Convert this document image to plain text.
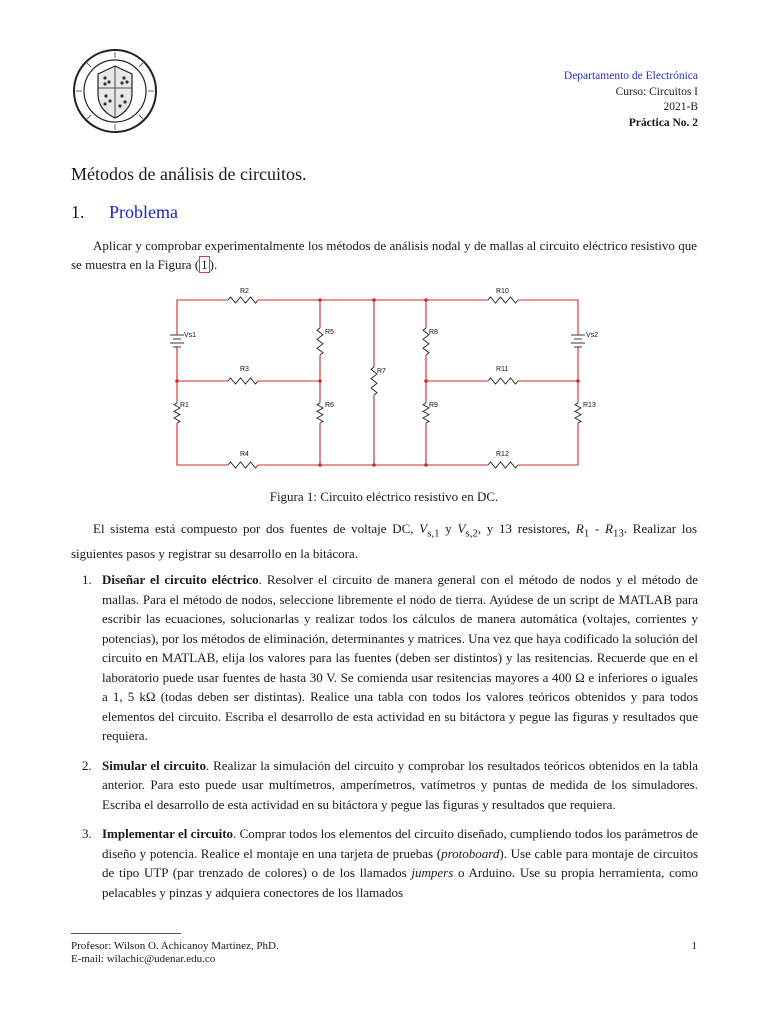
Departamento de Electrónica
Curso: Circuitos I
2021-B
Práctica No. 2
Métodos de análisis de circuitos.
1. Problema

Aplicar y comprobar experimentalmente los métodos de análisis nodal y de mallas al circuito eléctrico resistivo que se muestra en la Figura ( 1 ).

R2	R10
Vs1	R5	R8	Vs2
R7
R3	R11
R1	R6	R9	R13
R4	R12

Figura 1: Circuito eléctrico resistivo en DC.

El sistema está compuesto por dos fuentes de voltaje DC, $V_{s,1}$ y $V_{s,2}$, y 13 resistores, $R_1 - R_{13}$. Realizar los siguientes pasos y registrar su desarrollo en la bitácora.

1. Diseñar el circuito eléctrico. Resolver el circuito de manera general con el método de nodos y el método de mallas. Para el método de nodos, seleccione libremente el nodo de tierra. Ayúdese de un script de MATLAB para escribir las ecuaciones, solucionarlas y realizar todos los cálculos de manera automática (voltajes, corrientes y potencias), por los métodos de eliminación, determinantes y matrices. Una vez que haya codificado la solución del circuito en MATLAB, elija los valores para las fuentes (deben ser distintos) y las resitencias. Recuerde que en el laboratorio puede usar fuentes de hasta 30 V. Se comienda usar resitencias mayores a 400 Ω e inferiores o iguales a 1, 5 kΩ (todas deben ser distintas). Realice una tabla con todos los valores teóricos obtenidos y para todos elementos del circuito. Escriba el desarrollo de esta actividad en su bitáctora y pegue las figuras y resultados que requiera.
2. Simular el circuito. Realizar la simulación del circuito y comprobar los resultados teóricos obtenidos en la tabla anterior. Para esto puede usar multímetros, amperímetros, vatímetros y puntas de medida de los simuladores. Escriba el desarrollo de esta actividad en su bitáctora y pegue las figuras y resultados que requiera.
3. Implementar el circuito. Comprar todos los elementos del circuito diseñado, cumpliendo todos los parámetros de diseño y potencia. Realice el montaje en una tarjeta de pruebas (protoboard). Use cable para montaje de circuitos de tipo UTP (par trenzado de colores) o de los llamados jumpers o Arduino. Use su propia herramienta, como pelacables y pinzas y adquiera conectores de los llamados
Profesor: Wilson O. Achicanoy Martínez, PhD.
E-mail: wilachic@udenar.edu.co
1
